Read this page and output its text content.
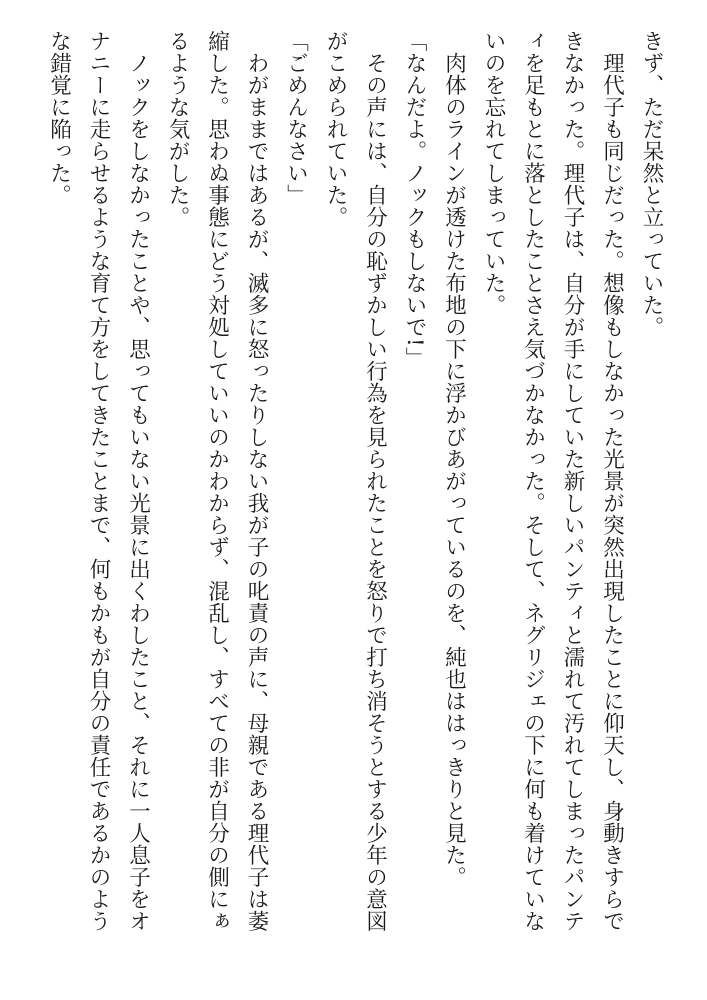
きず、ただ呆然と立っていた。
　理代子も同じだった。想像もしなかった光景が突然出現したことに仰天し、身動きすらで
きなかった。理代子は、自分が手にしていた新しいパンティと濡れて汚れてしまったパンテ
ィを足もとに落としたことさえ気づかなかった。そして、ネグリジェの下に何も着けていな
いのを忘れてしまっていた。
　肉体のラインが透けた布地の下に浮かびあがっているのを、純也ははっきりと見た。
「なんだよ。ノックもしないで!」
　その声には、自分の恥ずかしい行為を見られたことを怒りで打ち消そうとする少年の意図
がこめられていた。
「ごめんなさい」
　わがままではあるが、滅多に怒ったりしない我が子の叱責の声に、母親である理代子は萎
縮した。思わぬ事態にどう対処していいのかわからず、混乱し、すべての非が自分の側にぁ
るような気がした。
　ノックをしなかったことや、思ってもいない光景に出くわしたこと、それに一人息子をオ
ナニーに走らせるような育て方をしてきたことまで、何もかもが自分の責任であるかのよう
な錯覚に陥った。
